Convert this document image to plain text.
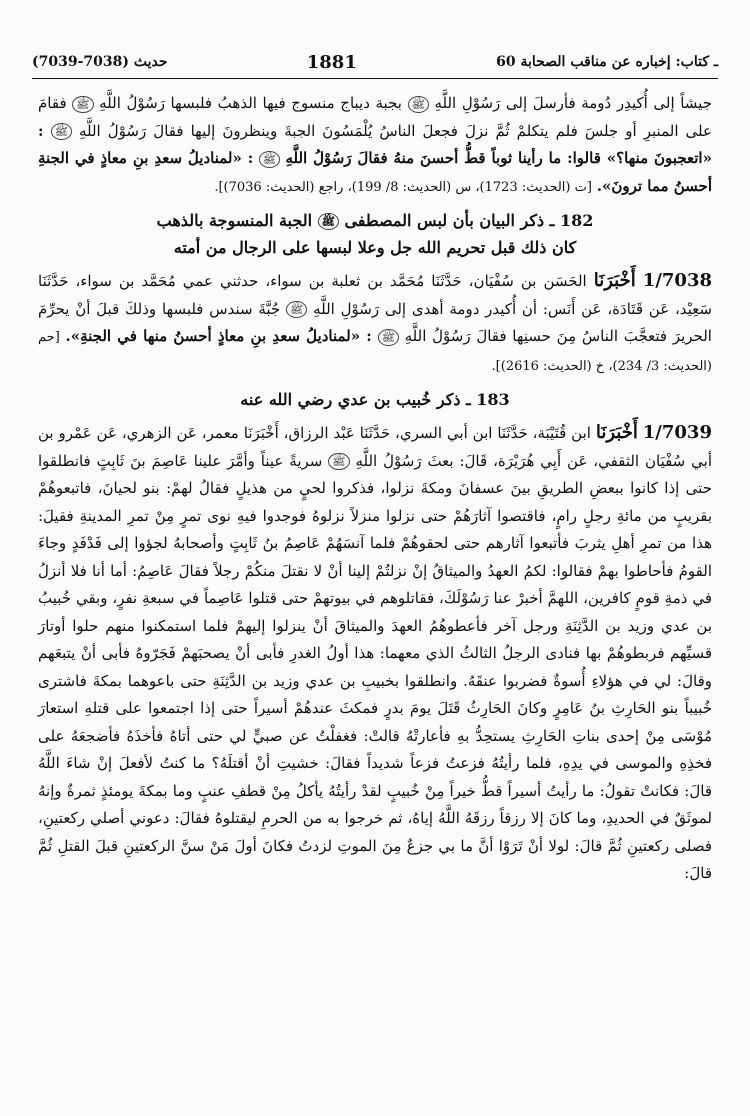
حديث (7038-7039)	1881	60 ـ كتاب: إخباره عن مناقب الصحابة

جيشاً إلى أُكيدِر دُومة فأرسلَ إلى رَسُوْلِ اللَّهِ ﷺ بجبة ديباج منسوج فيها الذهبُ فلبسها رَسُوْلُ اللَّهِ ﷺ فقامَ على المنبرِ أو جلسَ فلم يتكلمْ ثُمَّ نزلَ فجعلَ الناسُ يُلْمَسُونَ الجبةَ وينظرونَ إليها فقالَ رَسُوْلُ اللَّهِ ﷺ : «اتعجبونَ منها؟» قالوا: ما رأينا ثوباً قطُّ أحسنَ منهُ فقالَ رَسُوْلُ اللَّهِ ﷺ : «لمناديلُ سعدِ بنِ معاذٍ في الجنةِ أحسنُ مما ترونَ». [ت (الحديث: 1723)، س (الحديث: 8/ 199)، راجع (الحديث: 7036)].

182 ـ ذكر البيان بأن لبس المصطفى ﷺ الجبة المنسوجة بالذهب
كان ذلك قبل تحريم الله جل وعلا لبسها على الرجال من أمته

1/7038 أَخْبَرَنَا الحَسَن بن سُفْيَان، حَدَّثَنَا مُحَمَّد بن ثعلبة بن سواء، حدثني عمي مُحَمَّد بن سواء، حَدَّثَنَا سَعِيْد، عَن قَتَادَة، عَن أَنَس: أن أُكيدر دومة أهدى إلى رَسُوْلِ اللَّهِ ﷺ جُبَّةَ سندس فلبسها وذلكَ قبلَ أنْ يحرِّمَ الحريرَ فتعجَّبَ الناسُ مِنَ حسنِها فقالَ رَسُوْلُ اللَّهِ ﷺ : «لمناديلُ سعدِ بنِ معاذٍ أحسنُ منها في الجنةِ». [حم (الحديث: 3/ 234)، خ (الحديث: 2616)].

183 ـ ذكر خُبيب بن عدي رضي الله عنه

1/7039 أَخْبَرَنَا ابن قُتَيْبَة، حَدَّثَنَا ابن أبي السري، حَدَّثَنَا عَبْد الرزاق، أَخْبَرَنَا معمر، عَن الزهري، عَن عَمْرو بن أبي سُفْيَان الثقفي، عَن أَبِي هُرَيْرَة، قَالَ: بعثَ رَسُوْلُ اللَّهِ ﷺ سريةً عيناً وأمَّرَ علينا عَاصِمَ بنَ ثَابِتٍ فانطلقوا حتى إذا كانوا ببعضِ الطريقِ بينَ عسفانَ ومكةَ نزلوا، فذكروا لحيٍ من هذيلٍ فقالُ لهمْ: بنو لحيانَ، فاتبعوهُمْ بقريبٍ من مائةِ رجلٍ رامٍ، فاقتصوا آثارَهُمْ حتى نزلوا منزلاً نزلوهُ فوجدوا فيهِ نوى تمرٍ مِنْ تمرِ المدينةِ فقيلَ: هذا من تمرِ أهلِ يثربَ فأتبعوا آثارهم حتى لحقوهُمْ فلما آنسَهُمْ عَاصِمُ بنُ ثَابِتٍ وأصحابهُ لجؤوا إلى فَدْفَدٍ وجاءَ القومُ فأحاطوا بهمْ فقالوا: لكمُ العهدُ والميثاقُ إنْ نزلتُمْ إلينا أنْ لا نقتلَ منكُمْ رجلاً فقالَ عَاصِمُ: أما أنا فلا أنزلُ في ذمةِ قومٍ كافرين، اللهمَّ أخبرْ عنا رَسُوْلَكَ، فقاتلوهم في بيوتهمْ حتى قتلوا عَاصِماً في سبعةِ نفرٍ، وبقي خُبيبُ بن عدي وزيد بن الدَّثِنَةِ ورجل آخر فأعطوهُمُ العهدَ والميثاقَ أنْ ينزلوا إليهمْ فلما استمكنوا منهم حلوا أوتارَ قسيِّهم فربطوهُمْ بها فنادى الرجلُ الثالثُ الذي معهما: هذا أولُ الغدرِ فأبى أنْ يصحبَهمْ فَجَرّوهُ فأبى أنْ يتبعَهم وقالَ: لي في هؤلاءِ أُسوةٌ فضربوا عنقَهُ. وانطلقوا بخبيبِ بن عدي وزيد بن الدَّثِنَةِ حتى باعوهما بمكةَ فاشترى خُبيباً بنو الحَارِثِ بنُ عَامِرٍ وكانَ الحَارِثُ قَتَلَ يومَ بدرٍ فمكثَ عندهُمْ أسيراً حتى إذا اجتمعوا على قتلهِ استعارَ مُوْسَى مِنْ إحدى بناتِ الحَارِثِ يستحِدُّ بهِ فأعارتْهُ قالتْ: فغفلْتُ عن صبيٍّ لي حتى أتاهُ فأخذَهُ فأضجعَهُ على فخذِهِ والموسى في يدِهِ، فلما رأيتُهُ فزعتُ فزعاً شديداً فقالَ: خشيتِ أنْ أقتلَهُ؟ ما كنتُ لأفعلَ إنْ شاءَ اللَّهُ قالَ: فكانتْ تقولُ: ما رأيتُ أسيراً قطُّ خيراً مِنْ خُبيبٍ لقدْ رأيتُهُ يأكلُ مِنْ قطفِ عنبٍ وما بمكةَ يومئذٍ ثمرةٌ وإنهُ لموثَقٌ في الحديدِ، وما كانَ إلا رزقاً رزقَهُ اللَّهُ إياهُ، ثم خرجوا به من الحرمِ ليقتلوهُ فقالَ: دعوني أصلي ركعتينِ، فصلى ركعتينِ ثُمَّ قالَ: لولا أنْ تَرَوْا أنَّ ما بي جزعٌ مِنَ الموتِ لزدتُ فكانَ أولَ مَنْ سنَّ الركعتينِ قبلَ القتلِ ثُمَّ قالَ:
